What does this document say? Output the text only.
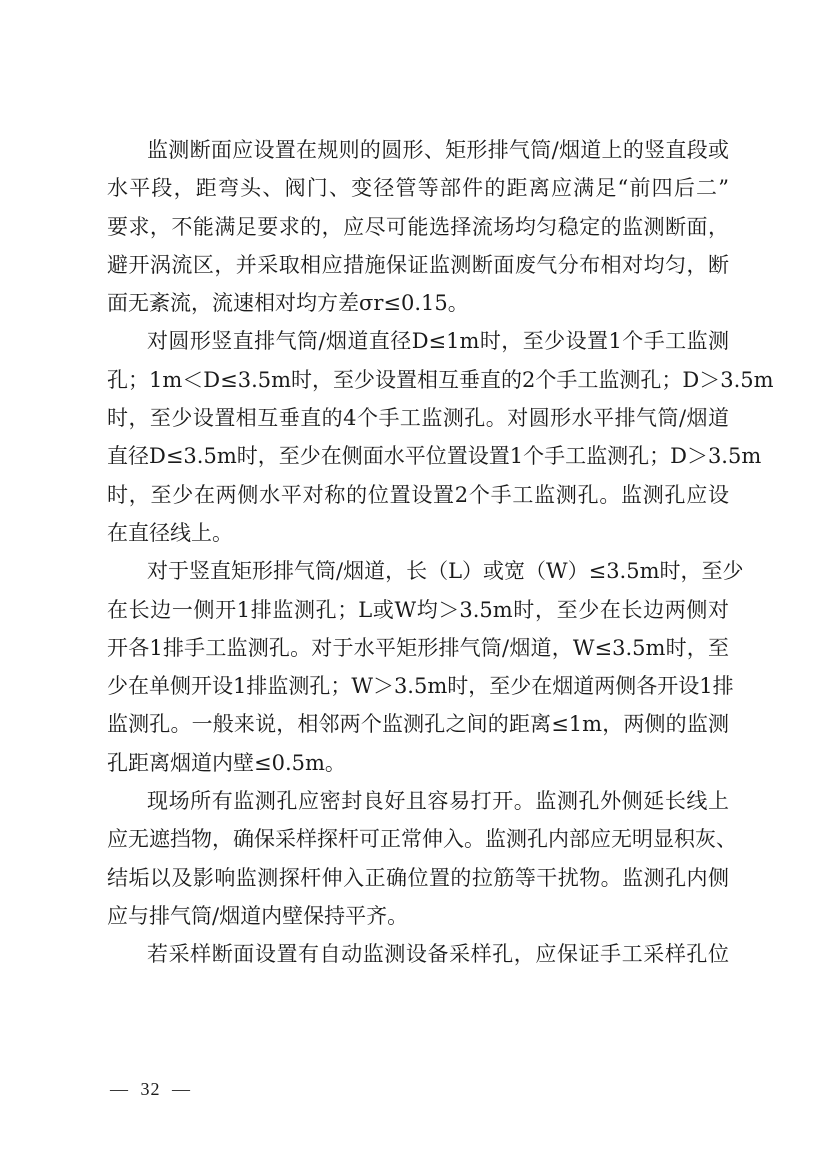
监测断面应设置在规则的圆形、矩形排气筒/烟道上的竖直段或
水平段，距弯头、阀门、变径管等部件的距离应满足“前四后二”
要求，不能满足要求的，应尽可能选择流场均匀稳定的监测断面，
避开涡流区，并采取相应措施保证监测断面废气分布相对均匀，断
面无紊流，流速相对均方差σr≤0.15。
对圆形竖直排气筒/烟道直径D≤1m时，至少设置1个手工监测
孔；1m＜D≤3.5m时，至少设置相互垂直的2个手工监测孔；D＞3.5m
时，至少设置相互垂直的4个手工监测孔。对圆形水平排气筒/烟道
直径D≤3.5m时，至少在侧面水平位置设置1个手工监测孔；D＞3.5m
时，至少在两侧水平对称的位置设置2个手工监测孔。监测孔应设
在直径线上。
对于竖直矩形排气筒/烟道，长（L）或宽（W）≤3.5m时，至少
在长边一侧开1排监测孔；L或W均＞3.5m时，至少在长边两侧对
开各1排手工监测孔。对于水平矩形排气筒/烟道，W≤3.5m时，至
少在单侧开设1排监测孔；W＞3.5m时，至少在烟道两侧各开设1排
监测孔。一般来说，相邻两个监测孔之间的距离≤1m，两侧的监测
孔距离烟道内壁≤0.5m。
现场所有监测孔应密封良好且容易打开。监测孔外侧延长线上
应无遮挡物，确保采样探杆可正常伸入。监测孔内部应无明显积灰、
结垢以及影响监测探杆伸入正确位置的拉筋等干扰物。监测孔内侧
应与排气筒/烟道内壁保持平齐。
若采样断面设置有自动监测设备采样孔，应保证手工采样孔位
— 32 —
